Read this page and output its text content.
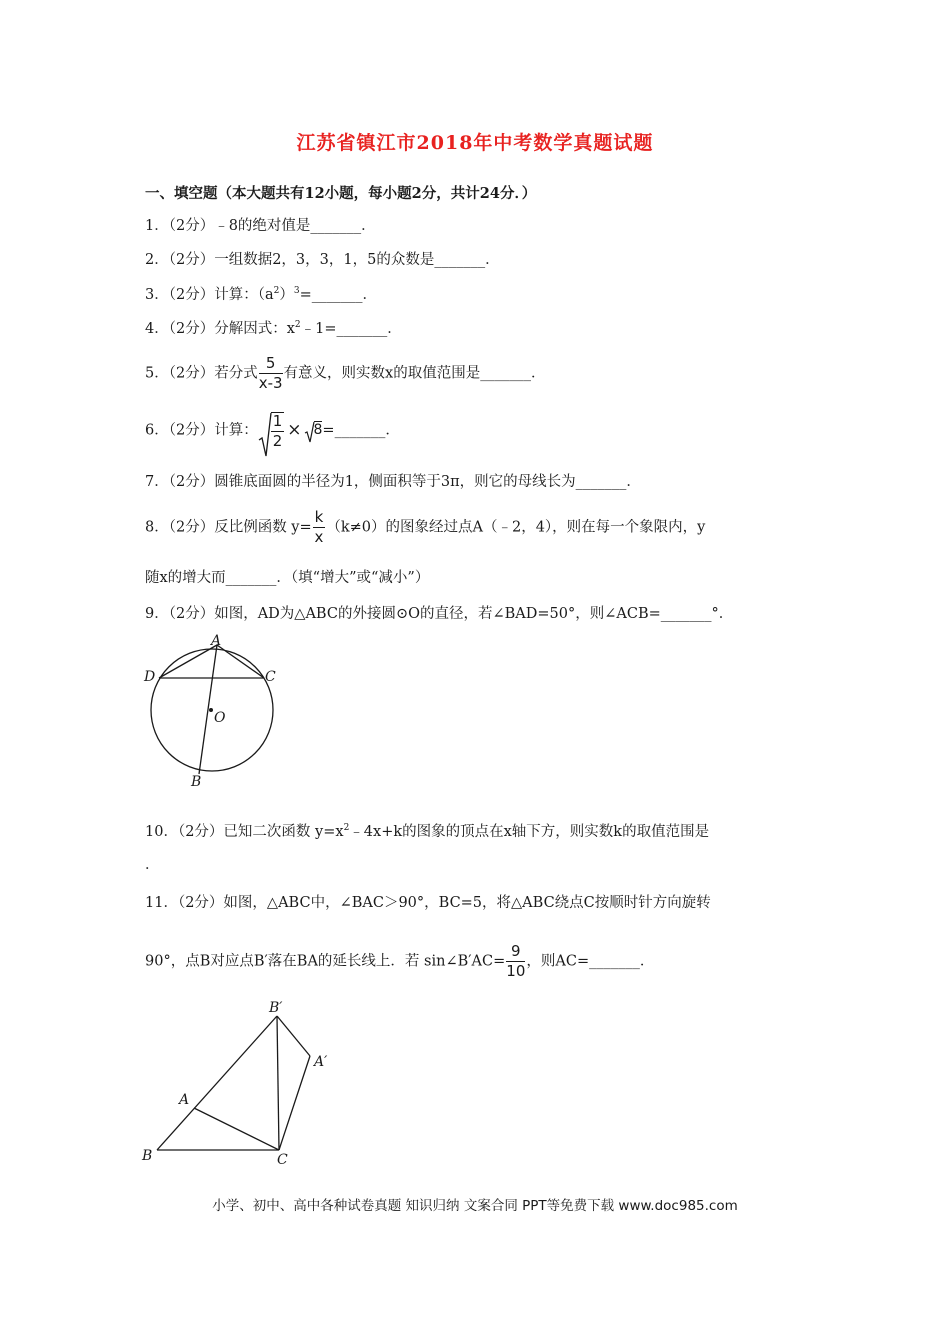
江苏省镇江市2018年中考数学真题试题
一、填空题（本大题共有12小题，每小题2分，共计24分．）
1．（2分）﹣8的绝对值是_______．
2．（2分）一组数据2，3，3，1，5的众数是_______．
3．（2分）计算：$(a^2)^3=\_\_\_\_\_\_\_$．
4．（2分）分解因式：$x^2﹣1=\_\_\_\_\_\_\_$．
5．（2分）若分式 $\frac{5}{x-3}$ 有意义，则实数x的取值范围是_______．
6．（2分）计算： $\frac{1}{2}$ × 8=_______．
7．（2分）圆锥底面圆的半径为1，侧面积等于3π，则它的母线长为_______．
8．（2分）反比例函数 $y= \frac{k}{x} (k\ne 0)$的图象经过点A（﹣2，4），则在每一个象限内，y
随x的增大而_______．（填“增大”或“减小”）
9．（2分）如图，AD为△ABC的外接圆⊙O的直径，若∠BAD=50°，则∠ACB=_______°．
A
D	C
O
B
10．（2分）已知二次函数 $y=x^2﹣4x+k$的图象的顶点在x轴下方，则实数k的取值范围是
．
11．（2分）如图，△ABC中，∠BAC＞90°，BC=5，将△ABC绕点C按顺时针方向旋转
90°，点B对应点B′落在BA的延长线上．若 sin∠B′AC= $\frac{9}{10}$ ，则AC=_______．
B′
A′
A
B	C
小学、初中、高中各种试卷真题 知识归纳 文案合同 PPT等免费下载 www.doc985.com
